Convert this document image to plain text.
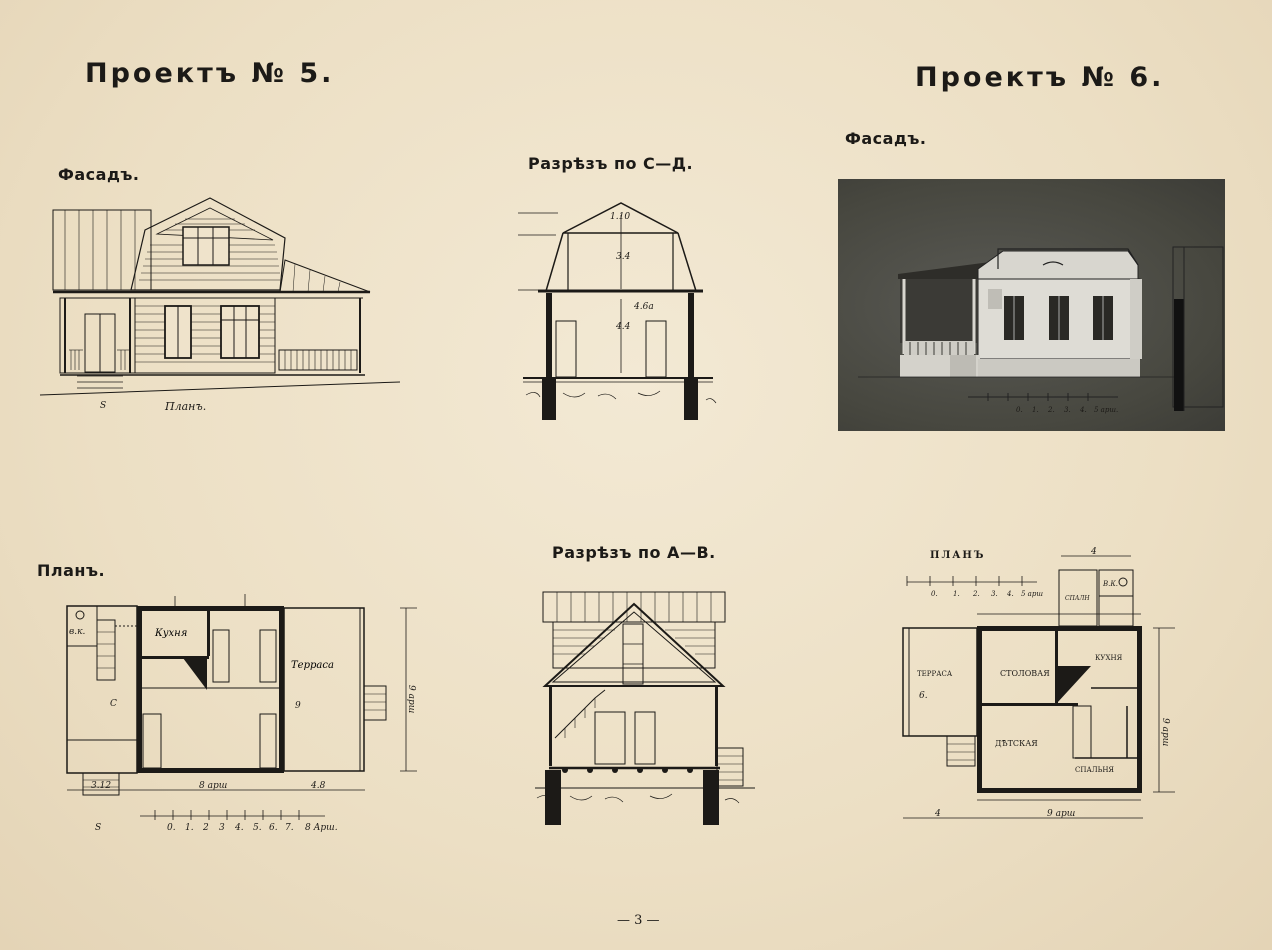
Проектъ № 5.	Проектъ № 6.
Фасадъ.
Разрѣзъ по С—Д.
Фасадъ.
Планъ.
Разрѣзъ по А—В.	ПЛАНЪ
Планъ.
S
1.10
3.4
4.6a
4.4
0. 1. 2. 3. 4. 5 арш.
в.к.
С
Кухня
Терраса
9	9 арш
3.12	8 арш	4.8
S	0. 1. 2 3 4. 5. 6. 7. 8 Арш.
0. 1. 2. 3. 4. 5 арш
В.К.
СПАЛН
4
СТОЛОВАЯ
КУХНЯ
ДѢТСКАЯ
СПАЛЬНЯ
ТЕРРАСА
6.
9 арш
4	9 арш
— 3 —
